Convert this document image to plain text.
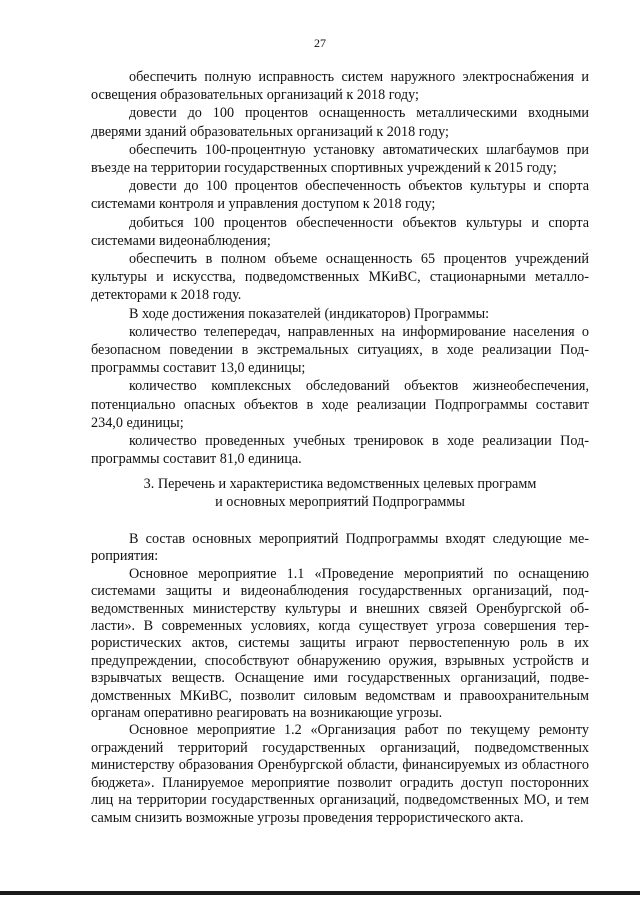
27

обеспечить полную исправность систем наружного электроснабжения и освещения образовательных организаций к 2018 году;

довести до 100 процентов оснащенность металлическими входными дверями зданий образовательных организаций к 2018 году;

обеспечить 100-процентную установку автоматических шлагбаумов при въезде на территории государственных спортивных учреждений к 2015 году;

довести до 100 процентов обеспеченность объектов культуры и спорта системами контроля и управления доступом к 2018 году;

добиться 100 процентов обеспеченности объектов культуры и спорта системами видеонаблюдения;

обеспечить в полном объеме оснащенность 65 процентов учреждений культуры и искусства, подведомственных МКиВС, стационарными металлодетекторами к 2018 году.

В ходе достижения показателей (индикаторов) Программы:

количество телепередач, направленных на информирование населения о безопасном поведении в экстремальных ситуациях, в ходе реализации Подпрограммы составит 13,0 единицы;

количество комплексных обследований объектов жизнеобеспечения, потенциально опасных объектов в ходе реализации Подпрограммы составит 234,0 единицы;

количество проведенных учебных тренировок в ходе реализации Подпрограммы составит 81,0 единица.

3. Перечень и характеристика ведомственных целевых программ
и основных мероприятий Подпрограммы

В состав основных мероприятий Подпрограммы входят следующие мероприятия:

Основное мероприятие 1.1 «Проведение мероприятий по оснащению системами защиты и видеонаблюдения государственных организаций, подведомственных министерству культуры и внешних связей Оренбургской области». В современных условиях, когда существует угроза совершения террористических актов, системы защиты играют первостепенную роль в их предупреждении, способствуют обнаружению оружия, взрывных устройств и взрывчатых веществ. Оснащение ими государственных организаций, подведомственных МКиВС, позволит силовым ведомствам и правоохранительным органам оперативно реагировать на возникающие угрозы.

Основное мероприятие 1.2 «Организация работ по текущему ремонту ограждений территорий государственных организаций, подведомственных министерству образования Оренбургской области, финансируемых из областного бюджета». Планируемое мероприятие позволит оградить доступ посторонних лиц на территории государственных организаций, подведомственных МО, и тем самым снизить возможные угрозы проведения террористического акта.
